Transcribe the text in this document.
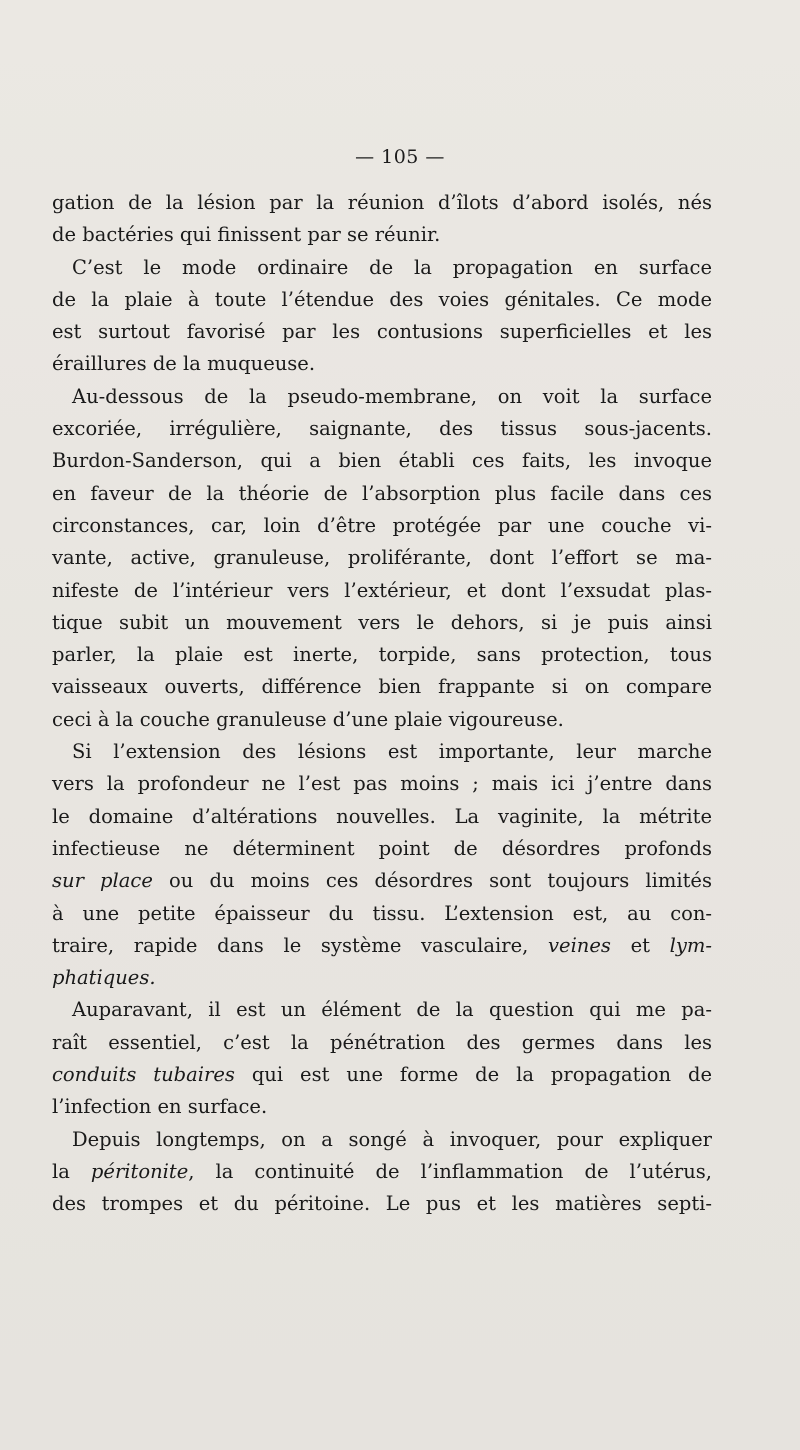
— 105 —
gation de la lésion par la réunion d’îlots d’abord isolés, nés
de bactéries qui finissent par se réunir.
C’est le mode ordinaire de la propagation en surface
de la plaie à toute l’étendue des voies génitales. Ce mode
est surtout favorisé par les contusions superficielles et les
éraillures de la muqueuse.
Au-dessous de la pseudo-membrane, on voit la surface
excoriée, irrégulière, saignante, des tissus sous-jacents.
Burdon-Sanderson, qui a bien établi ces faits, les invoque
en faveur de la théorie de l’absorption plus facile dans ces
circonstances, car, loin d’être protégée par une couche vi-
vante, active, granuleuse, proliférante, dont l’effort se ma-
nifeste de l’intérieur vers l’extérieur, et dont l’exsudat plas-
tique subit un mouvement vers le dehors, si je puis ainsi
parler, la plaie est inerte, torpide, sans protection, tous
vaisseaux ouverts, différence bien frappante si on compare
ceci à la couche granuleuse d’une plaie vigoureuse.
Si l’extension des lésions est importante, leur marche
vers la profondeur ne l’est pas moins ; mais ici j’entre dans
le domaine d’altérations nouvelles. La vaginite, la métrite
infectieuse ne déterminent point de désordres profonds
sur place ou du moins ces désordres sont toujours limités
à une petite épaisseur du tissu. L’extension est, au con-
traire, rapide dans le système vasculaire, veines et lym-
phatiques.
Auparavant, il est un élément de la question qui me pa-
raît essentiel, c’est la pénétration des germes dans les
conduits tubaires qui est une forme de la propagation de
l’infection en surface.
Depuis longtemps, on a songé à invoquer, pour expliquer
la péritonite, la continuité de l’inflammation de l’utérus,
des trompes et du péritoine. Le pus et les matières septi-
